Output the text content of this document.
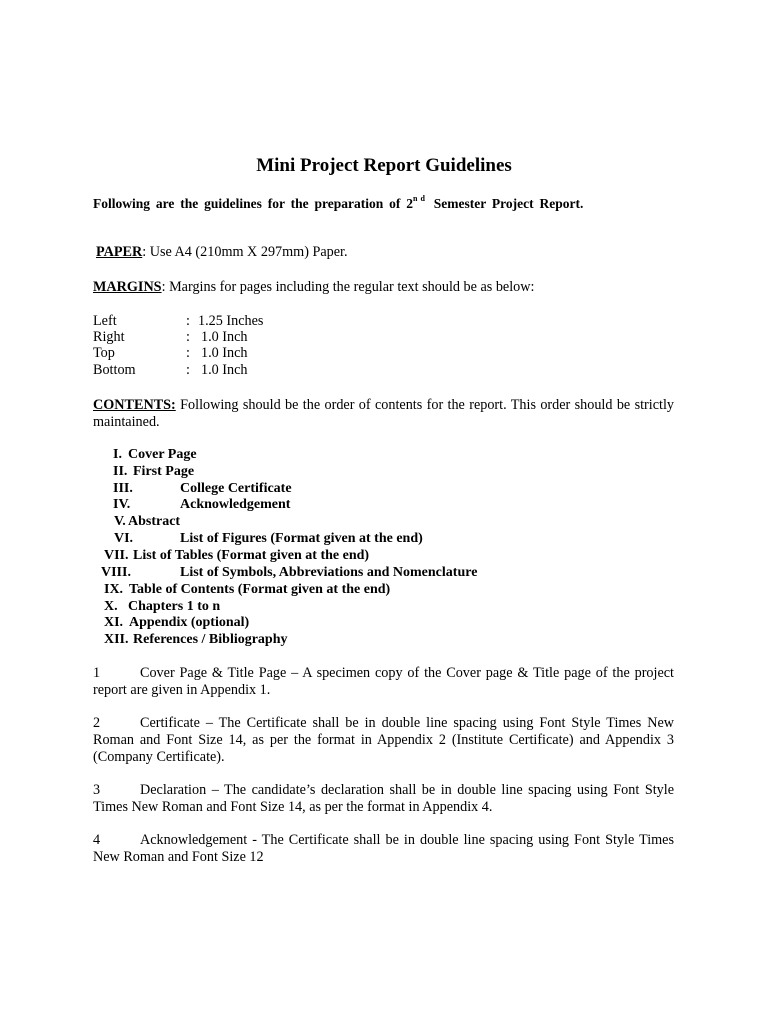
Mini Project Report Guidelines
Following are the guidelines for the preparation of 2nd Semester Project Report.
PAPER: Use A4 (210mm X 297mm) Paper.
MARGINS: Margins for pages including the regular text should be as below:
Left	: 1.25 Inches
Right	: 1.0 Inch
Top	: 1.0 Inch
Bottom	: 1.0 Inch
CONTENTS: Following should be the order of contents for the report. This order should be strictly maintained.
I. Cover Page
II. First Page
III.	College Certificate
IV.	Acknowledgement
V. Abstract
VI.	List of Figures (Format given at the end)
VII. List of Tables (Format given at the end)
VIII.	List of Symbols, Abbreviations and Nomenclature
IX. Table of Contents (Format given at the end)
X. Chapters 1 to n
XI. Appendix (optional)
XII. References / Bibliography
1	Cover Page & Title Page – A specimen copy of the Cover page & Title page of the project report are given in Appendix 1.
2	Certificate – The Certificate shall be in double line spacing using Font Style Times New Roman and Font Size 14, as per the format in Appendix 2 (Institute Certificate) and Appendix 3 (Company Certificate).
3	Declaration – The candidate’s declaration shall be in double line spacing using Font Style Times New Roman and Font Size 14, as per the format in Appendix 4.
4	Acknowledgement - The Certificate shall be in double line spacing using Font Style Times New Roman and Font Size 12
